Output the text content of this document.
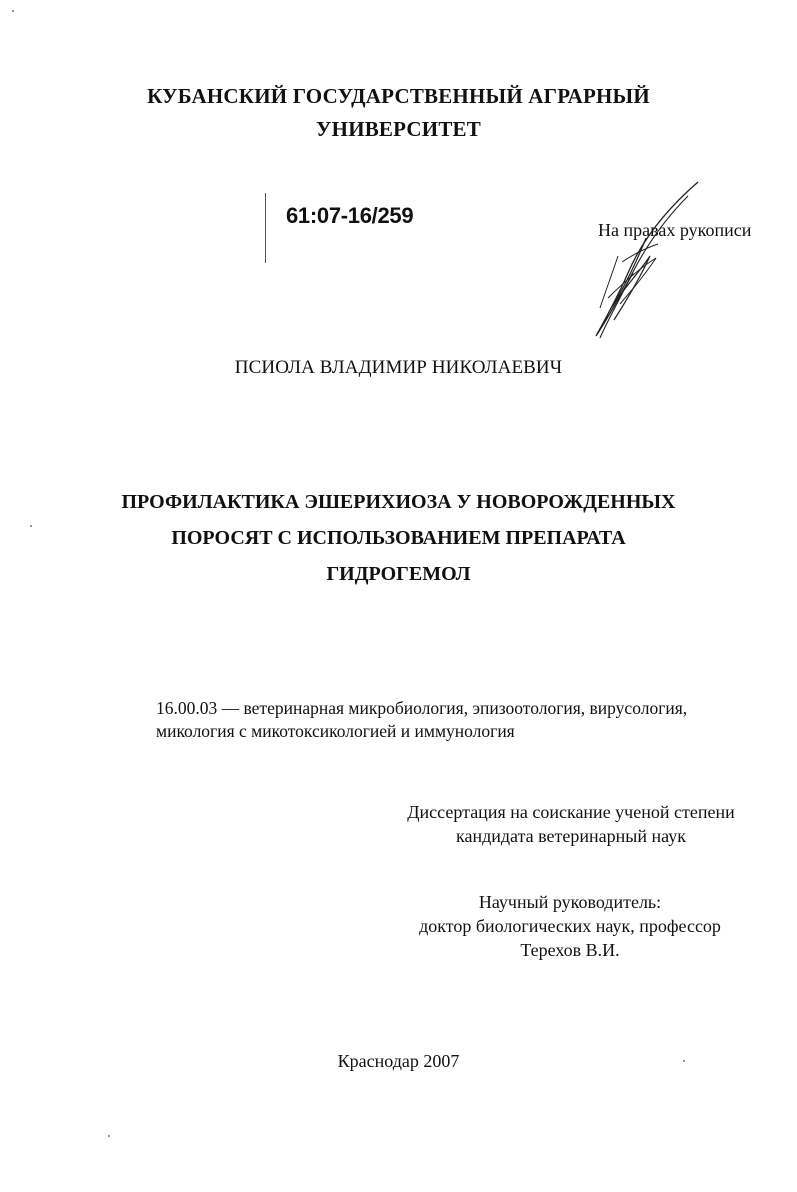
КУБАНСКИЙ ГОСУДАРСТВЕННЫЙ АГРАРНЫЙ
УНИВЕРСИТЕТ
61:07-16/259
На правах рукописи
ПСИОЛА ВЛАДИМИР НИКОЛАЕВИЧ
ПРОФИЛАКТИКА ЭШЕРИХИОЗА У НОВОРОЖДЕННЫХ
ПОРОСЯТ С ИСПОЛЬЗОВАНИЕМ ПРЕПАРАТА
ГИДРОГЕМОЛ
16.00.03 — ветеринарная микробиология, эпизоотология, вирусология,
микология с микотоксикологией и иммунология
Диссертация на соискание ученой степени
кандидата ветеринарный наук
Научный руководитель:
доктор биологических наук, профессор
Терехов В.И.
Краснодар 2007
